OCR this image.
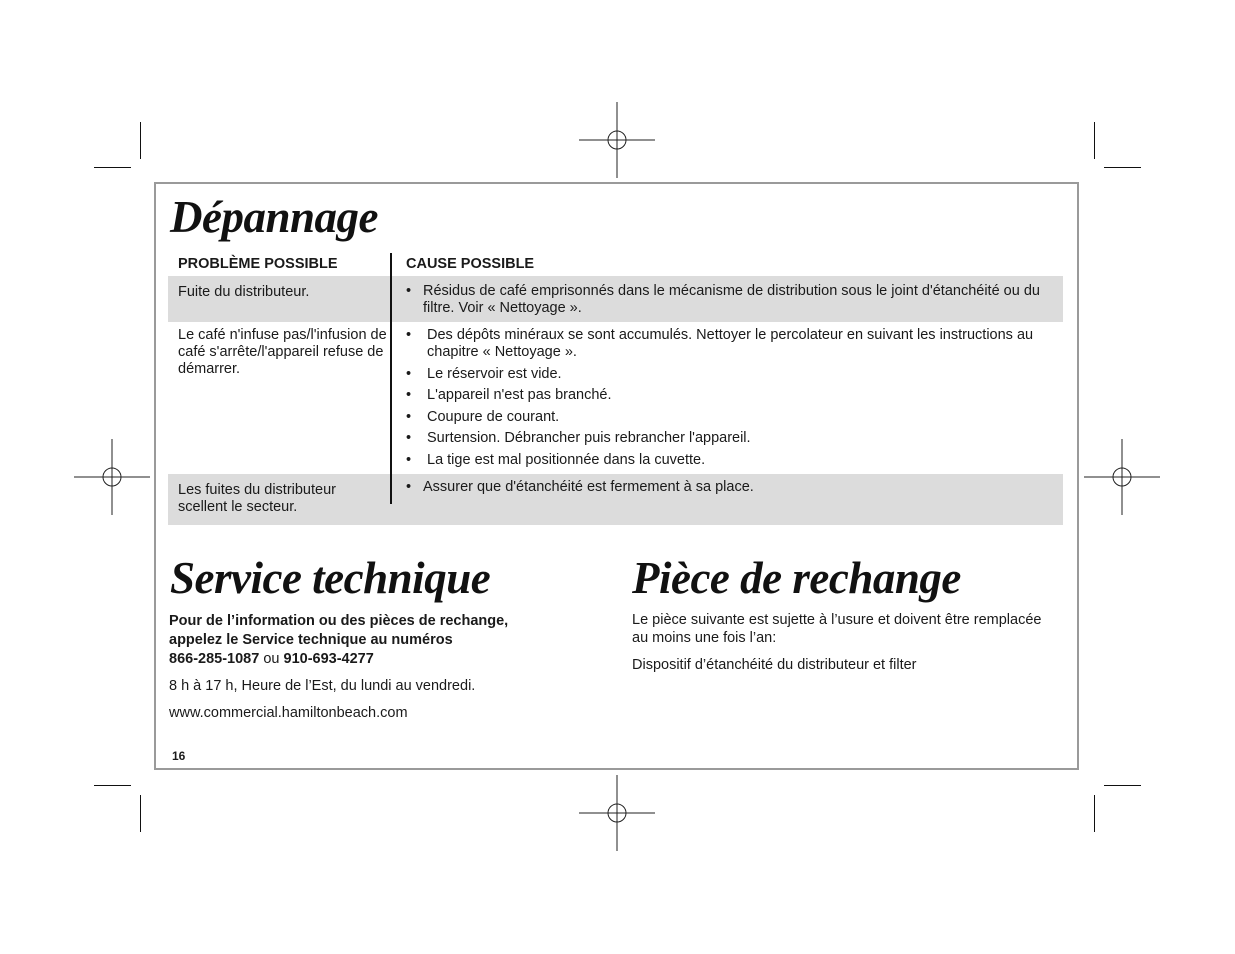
Dépannage

PROBLÈME POSSIBLE	CAUSE POSSIBLE

Fuite du distributeur.	• Résidus de café emprisonnés dans le mécanisme de distribution sous le joint d'étanchéité ou du filtre. Voir « Nettoyage ».

Le café n'infuse pas/l'infusion de café s'arrête/l'appareil refuse de démarrer.

• Des dépôts minéraux se sont accumulés. Nettoyer le percolateur en suivant les instructions au chapitre « Nettoyage ».
• Le réservoir est vide.
• L'appareil n'est pas branché.
• Coupure de courant.
• Surtension. Débrancher puis rebrancher l'appareil.
• La tige est mal positionnée dans la cuvette.

Les fuites du distributeur scellent le secteur.

• Assurer que d'étanchéité est fermement à sa place.
Service technique

Pour de l’information ou des pièces de rechange, appelez le Service technique au numéros

866-285-1087 ou 910-693-4277

8 h à 17 h, Heure de l’Est, du lundi au vendredi.

www.commercial.hamiltonbeach.com

Pièce de rechange

Le pièce suivante est sujette à l’usure et doivent être remplacée au moins une fois l’an:

Dispositif d’étanchéité du distributeur et filter

16
